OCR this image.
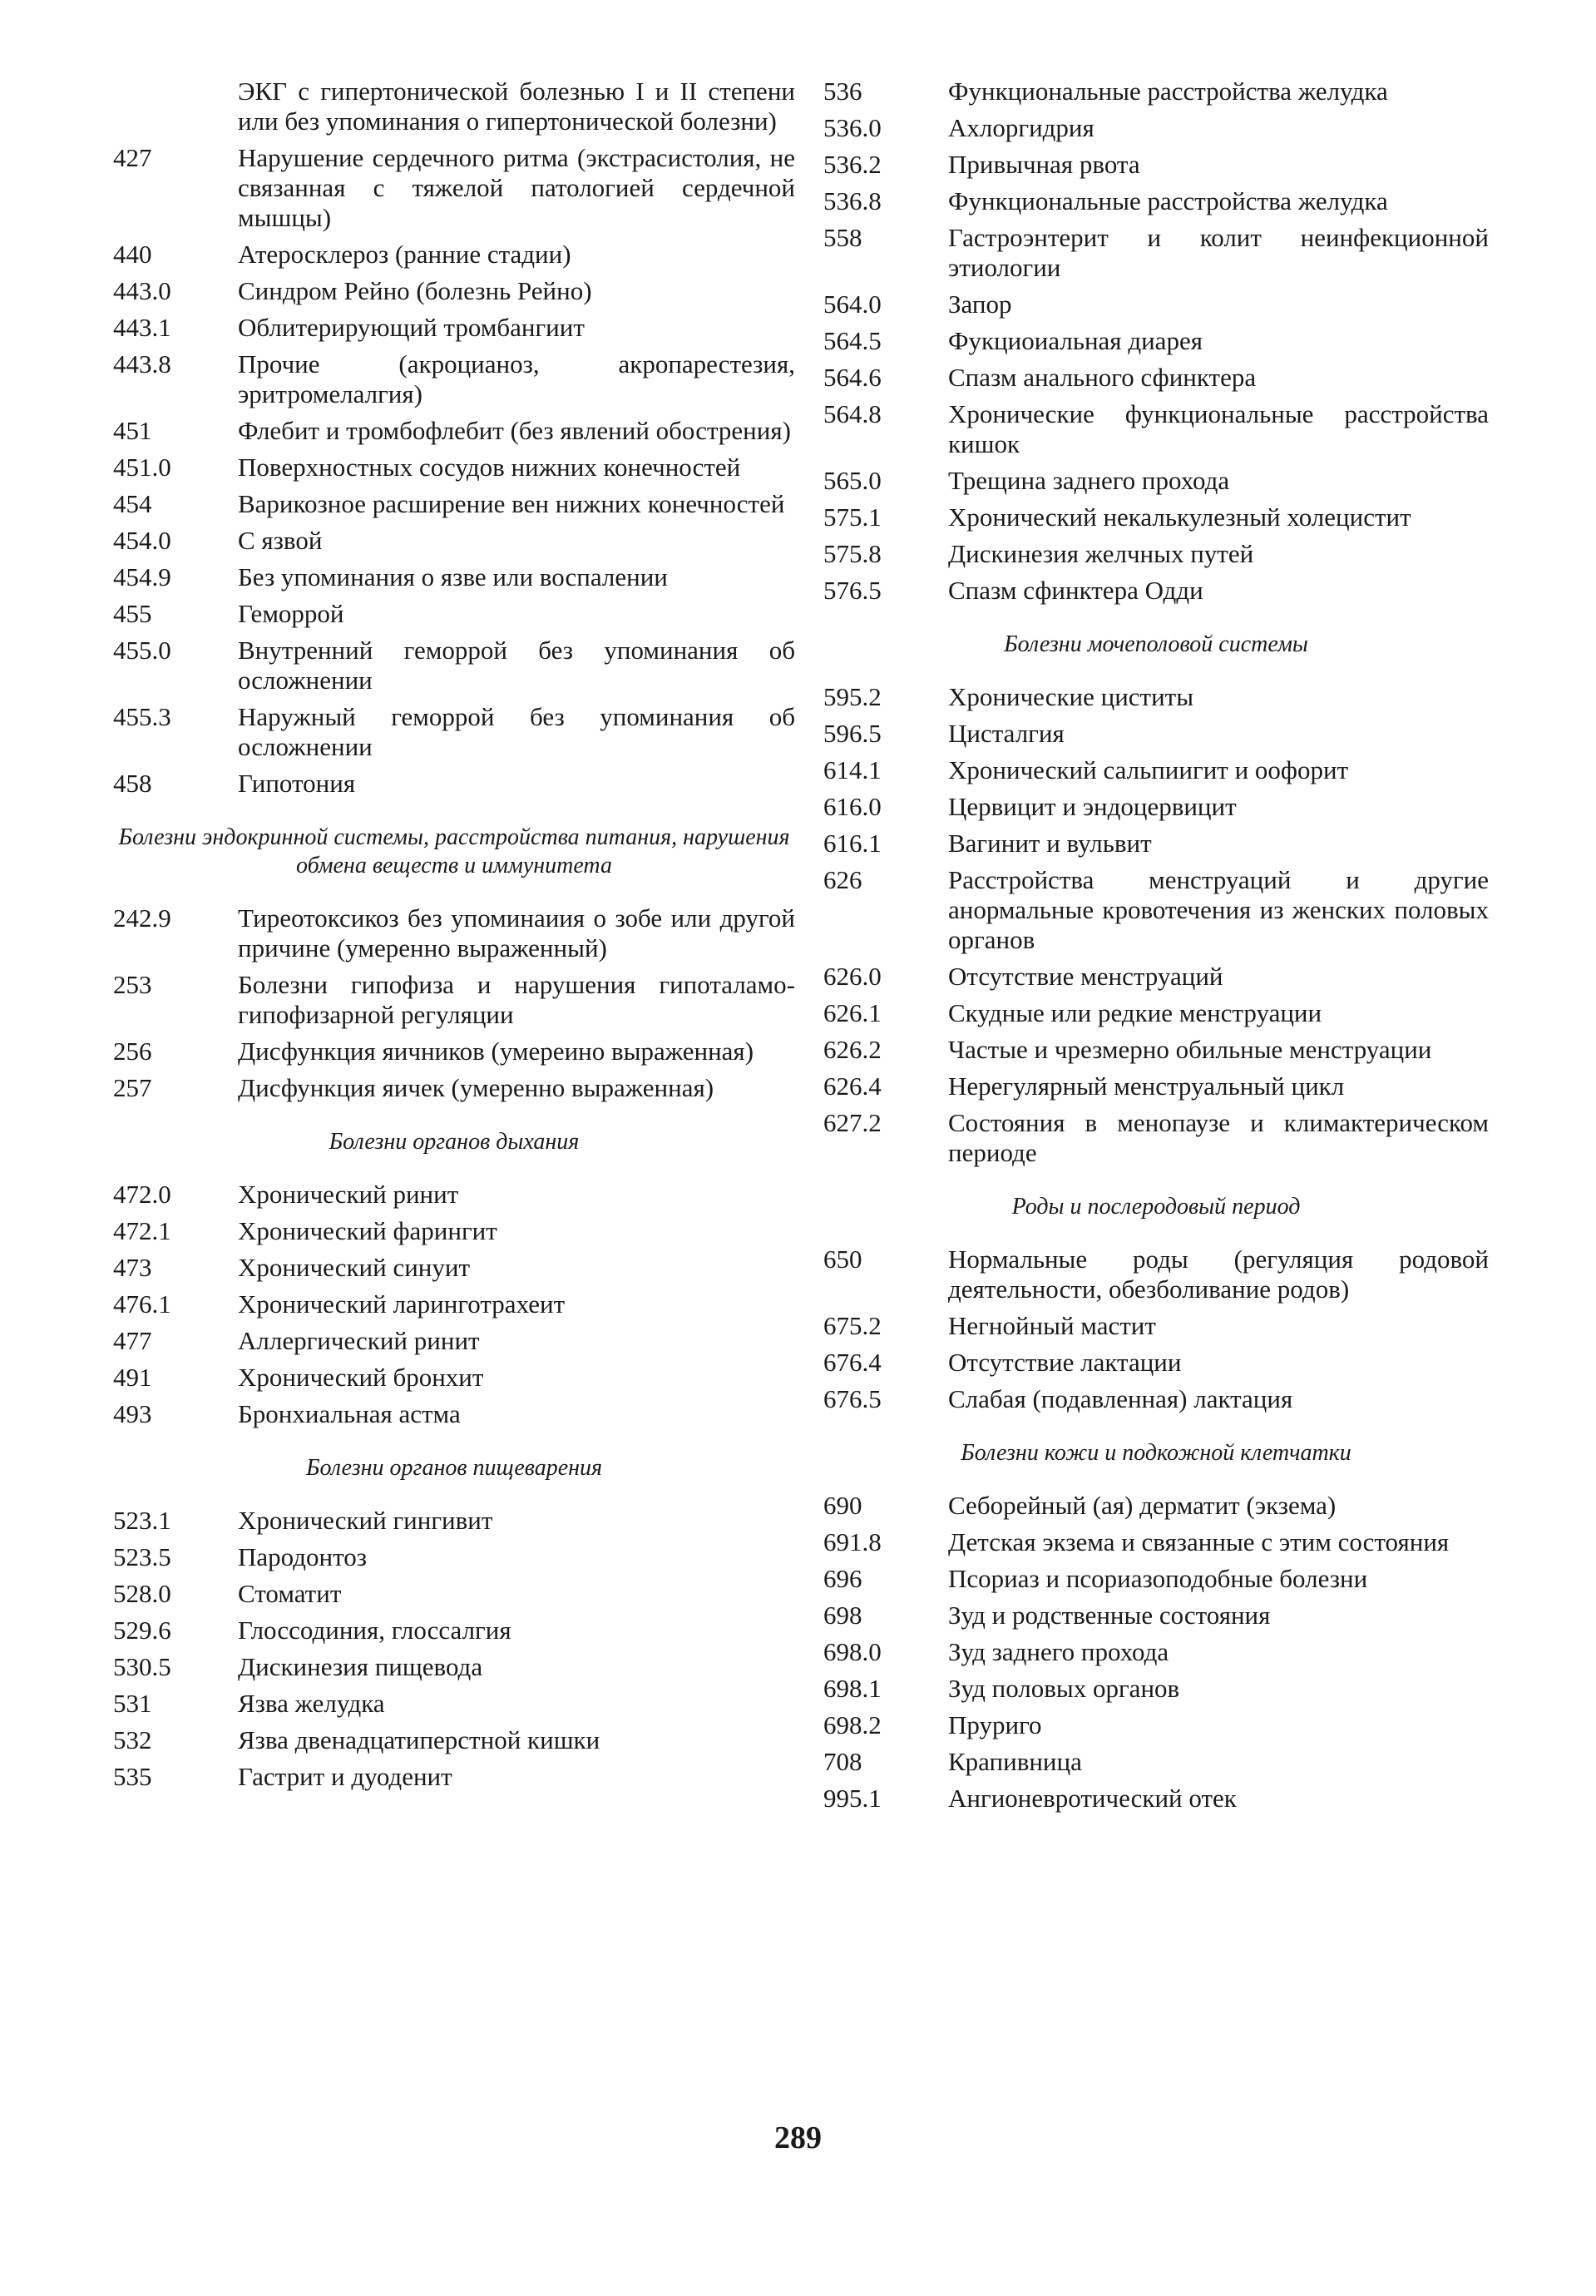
ЭКГ с гипертонической болезнью I и II степени или без упоминания о гипертонической болезни)
427	Нарушение сердечного ритма (экстрасистолия, не связанная с тяжелой патологией сердечной мышцы)
440	Атеросклероз (ранние стадии)
443.0	Синдром Рейно (болезнь Рейно)
443.1	Облитерирующий тромбангиит
443.8	Прочие (акроцианоз, акропарестезия, эритромелалгия)
451	Флебит и тромбофлебит (без явлений обострения)
451.0	Поверхностных сосудов нижних конечностей
454	Варикозное расширение вен нижних конечностей
454.0	С язвой
454.9	Без упоминания о язве или воспалении
455	Геморрой
455.0	Внутренний геморрой без упоминания об осложнении
455.3	Наружный геморрой без упоминания об осложнении
458	Гипотония
Болезни эндокринной системы, расстройства питания, нарушения обмена веществ и иммунитета
242.9	Тиреотоксикоз без упоминаиия о зобе или другой причине (умеренно выраженный)
253	Болезни гипофиза и нарушения гипоталамо-гипофизарной регуляции
256	Дисфункция яичников (умереино выраженная)
257	Дисфункция яичек (умеренно выраженная)
Болезни органов дыхания
472.0	Хронический ринит
472.1	Хронический фарингит
473	Хронический синуит
476.1	Хронический ларинготрахеит
477	Аллергический ринит
491	Хронический бронхит
493	Бронхиальная астма
Болезни органов пищеварения
523.1	Хронический гингивит
523.5	Пародонтоз
528.0	Стоматит
529.6	Глоссодиния, глоссалгия
530.5	Дискинезия пищевода
531	Язва желудка
532	Язва двенадцатиперстной кишки
535	Гастрит и дуоденит
536	Функциональные расстройства желудка
536.0	Ахлоргидрия
536.2	Привычная рвота
536.8	Функциональные расстройства желудка
558	Гастроэнтерит и колит неинфекционной этиологии
564.0	Запор
564.5	Фукциоиальная диарея
564.6	Спазм анального сфинктера
564.8	Хронические функциональные расстройства кишок
565.0	Трещина заднего прохода
575.1	Хронический некалькулезный холецистит
575.8	Дискинезия желчных путей
576.5	Спазм сфинктера Одди
Болезни мочеполовой системы
595.2	Хронические циститы
596.5	Цисталгия
614.1	Хронический сальпиигит и оофорит
616.0	Цервицит и эндоцервицит
616.1	Вагинит и вульвит
626	Расстройства менструаций и другие анормальные кровотечения из женских половых органов
626.0	Отсутствие менструаций
626.1	Скудные или редкие менструации
626.2	Частые и чрезмерно обильные менструации
626.4	Нерегулярный менструальный цикл
627.2	Состояния в менопаузе и климактерическом периоде
Роды и послеродовый период
650	Нормальные роды (регуляция родовой деятельности, обезболивание родов)
675.2	Негнойный мастит
676.4	Отсутствие лактации
676.5	Слабая (подавленная) лактация
Болезни кожи и подкожной клетчатки
690	Себорейный (ая) дерматит (экзема)
691.8	Детская экзема и связанные с этим состояния
696	Псориаз и псориазоподобные болезни
698	Зуд и родственные состояния
698.0	Зуд заднего прохода
698.1	Зуд половых органов
698.2	Пруриго
708	Крапивница
995.1	Ангионевротический отек
289
